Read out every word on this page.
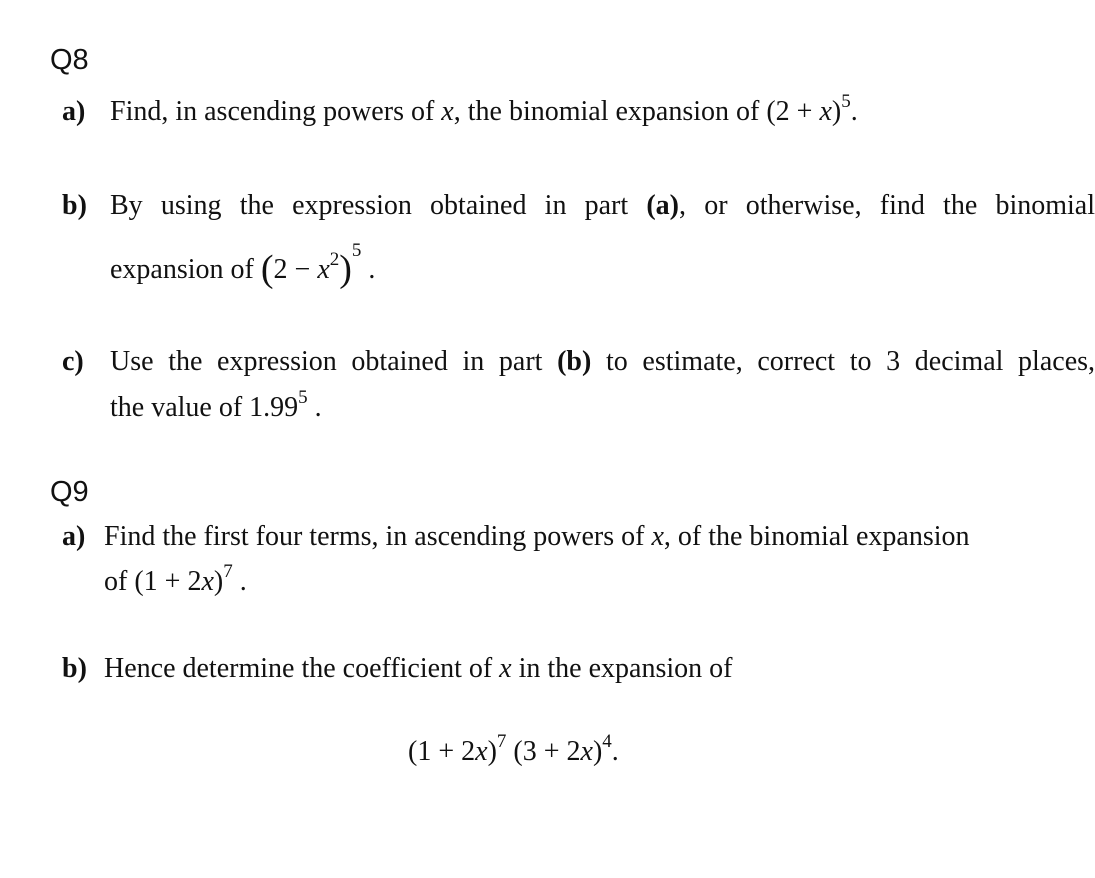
Q8
a) Find, in ascending powers of x, the binomial expansion of $(2 + x)^5$.
b) By using the expression obtained in part (a), or otherwise, find the binomial
expansion of $(2 - x^2)^5$ .
c) Use the expression obtained in part (b) to estimate, correct to 3 decimal places,
the value of 1.99$^5$ .
Q9
a) Find the first four terms, in ascending powers of x, of the binomial expansion
of $(1 + 2x)^7$ .
b) Hence determine the coefficient of x in the expansion of
$(1 + 2x)^7$ $(3 + 2x)^4$.
